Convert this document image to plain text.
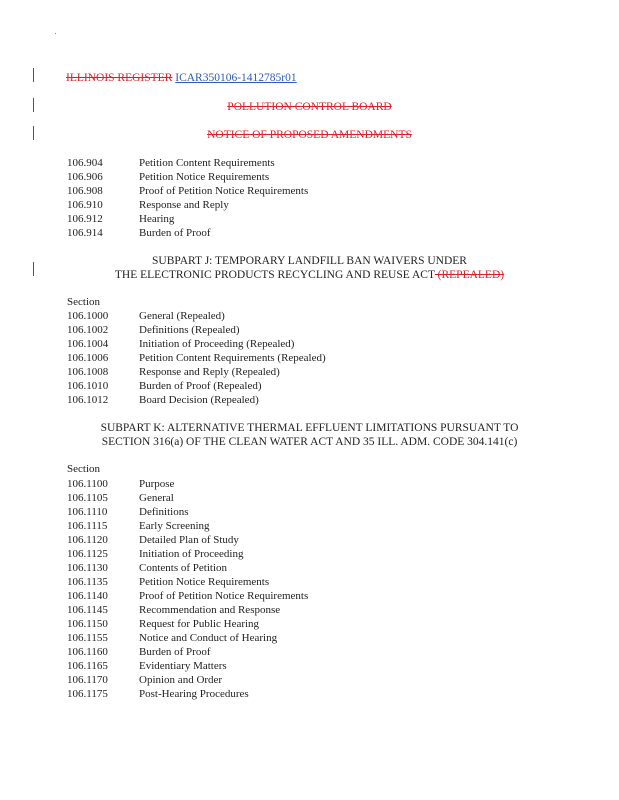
ILLINOIS REGISTER ICAR350106-1412785r01
POLLUTION CONTROL BOARD
NOTICE OF PROPOSED AMENDMENTS
106.904	Petition Content Requirements
106.906	Petition Notice Requirements
106.908	Proof of Petition Notice Requirements
106.910	Response and Reply
106.912	Hearing
106.914	Burden of Proof
SUBPART J: TEMPORARY LANDFILL BAN WAIVERS UNDER
THE ELECTRONIC PRODUCTS RECYCLING AND REUSE ACT (REPEALED)
Section
106.1000	General (Repealed)
106.1002	Definitions (Repealed)
106.1004	Initiation of Proceeding (Repealed)
106.1006	Petition Content Requirements (Repealed)
106.1008	Response and Reply (Repealed)
106.1010	Burden of Proof (Repealed)
106.1012	Board Decision (Repealed)
SUBPART K: ALTERNATIVE THERMAL EFFLUENT LIMITATIONS PURSUANT TO
SECTION 316(a) OF THE CLEAN WATER ACT AND 35 ILL. ADM. CODE 304.141(c)
Section
106.1100	Purpose
106.1105	General
106.1110	Definitions
106.1115	Early Screening
106.1120	Detailed Plan of Study
106.1125	Initiation of Proceeding
106.1130	Contents of Petition
106.1135	Petition Notice Requirements
106.1140	Proof of Petition Notice Requirements
106.1145	Recommendation and Response
106.1150	Request for Public Hearing
106.1155	Notice and Conduct of Hearing
106.1160	Burden of Proof
106.1165	Evidentiary Matters
106.1170	Opinion and Order
106.1175	Post-Hearing Procedures
